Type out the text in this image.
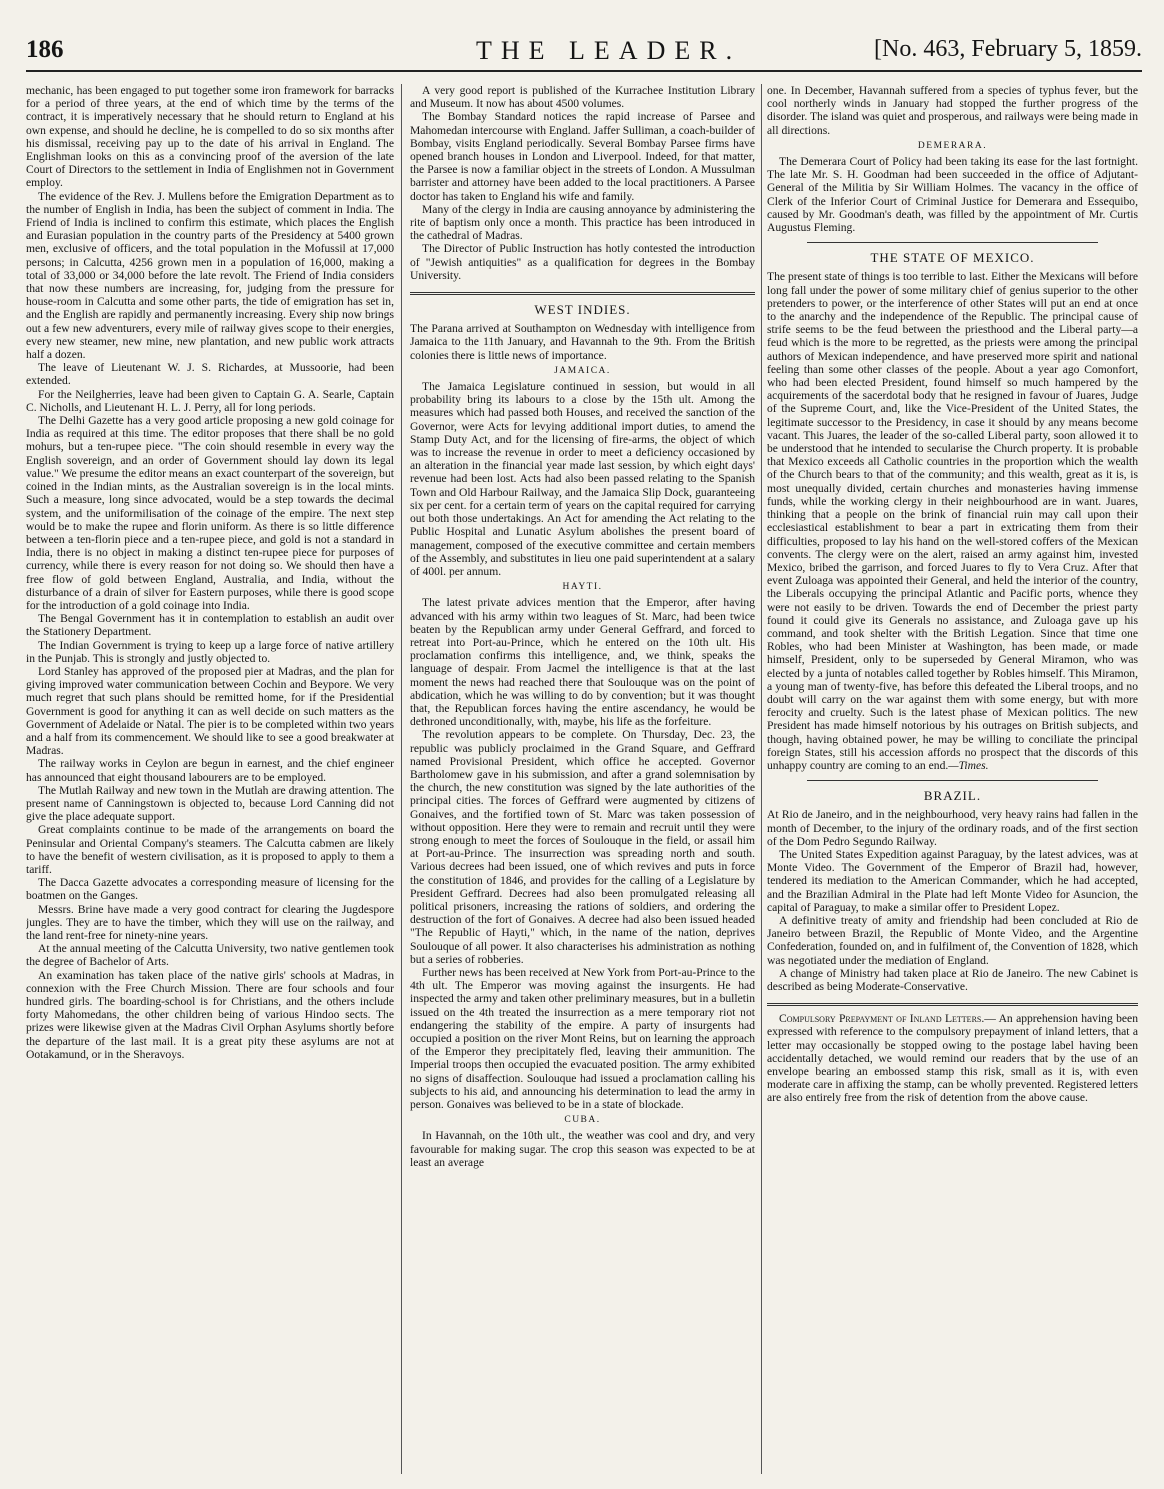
186	THE LEADER.	[No. 463, February 5, 1859.

mechanic, has been engaged to put together some iron framework for barracks for a period of three years, at the end of which time by the terms of the contract, it is imperatively necessary that he should return to England at his own expense, and should he decline, he is compelled to do so six months after his dismissal, receiving pay up to the date of his arrival in England. The Englishman looks on this as a convincing proof of the aversion of the late Court of Directors to the settlement in India of Englishmen not in Government employ.

The evidence of the Rev. J. Mullens before the Emigration Department as to the number of English in India, has been the subject of comment in India. The Friend of India is inclined to confirm this estimate, which places the English and Eurasian population in the country parts of the Presidency at 5400 grown men, exclusive of officers, and the total population in the Mofussil at 17,000 persons; in Calcutta, 4256 grown men in a population of 16,000, making a total of 33,000 or 34,000 before the late revolt. The Friend of India considers that now these numbers are increasing, for, judging from the pressure for house-room in Calcutta and some other parts, the tide of emigration has set in, and the English are rapidly and permanently increasing. Every ship now brings out a few new adventurers, every mile of railway gives scope to their energies, every new steamer, new mine, new plantation, and new public work attracts half a dozen.

The leave of Lieutenant W. J. S. Richardes, at Mussoorie, had been extended.

For the Neilgherries, leave had been given to Captain G. A. Searle, Captain C. Nicholls, and Lieutenant H. L. J. Perry, all for long periods.

The Delhi Gazette has a very good article proposing a new gold coinage for India as required at this time. The editor proposes that there shall be no gold mohurs, but a ten-rupee piece. "The coin should resemble in every way the English sovereign, and an order of Government should lay down its legal value." We presume the editor means an exact counterpart of the sovereign, but coined in the Indian mints, as the Australian sovereign is in the local mints. Such a measure, long since advocated, would be a step towards the decimal system, and the uniformilisation of the coinage of the empire. The next step would be to make the rupee and florin uniform. As there is so little difference between a ten-florin piece and a ten-rupee piece, and gold is not a standard in India, there is no object in making a distinct ten-rupee piece for purposes of currency, while there is every reason for not doing so. We should then have a free flow of gold between England, Australia, and India, without the disturbance of a drain of silver for Eastern purposes, while there is good scope for the introduction of a gold coinage into India.

The Bengal Government has it in contemplation to establish an audit over the Stationery Department.

The Indian Government is trying to keep up a large force of native artillery in the Punjab. This is strongly and justly objected to.

Lord Stanley has approved of the proposed pier at Madras, and the plan for giving improved water communication between Cochin and Beypore. We very much regret that such plans should be remitted home, for if the Presidential Government is good for anything it can as well decide on such matters as the Government of Adelaide or Natal. The pier is to be completed within two years and a half from its commencement. We should like to see a good breakwater at Madras.

The railway works in Ceylon are begun in earnest, and the chief engineer has announced that eight thousand labourers are to be employed.

The Mutlah Railway and new town in the Mutlah are drawing attention. The present name of Canningstown is objected to, because Lord Canning did not give the place adequate support.

Great complaints continue to be made of the arrangements on board the Peninsular and Oriental Company's steamers. The Calcutta cabmen are likely to have the benefit of western civilisation, as it is proposed to apply to them a tariff.

The Dacca Gazette advocates a corresponding measure of licensing for the boatmen on the Ganges.

Messrs. Brine have made a very good contract for clearing the Jugdespore jungles. They are to have the timber, which they will use on the railway, and the land rent-free for ninety-nine years.

At the annual meeting of the Calcutta University, two native gentlemen took the degree of Bachelor of Arts.

An examination has taken place of the native girls' schools at Madras, in connexion with the Free Church Mission. There are four schools and four hundred girls. The boarding-school is for Christians, and the others include forty Mahomedans, the other children being of various Hindoo sects. The prizes were likewise given at the Madras Civil Orphan Asylums shortly before the departure of the last mail. It is a great pity these asylums are not at Ootakamund, or in the Sheravoys.

A very good report is published of the Kurrachee Institution Library and Museum. It now has about 4500 volumes.

The Bombay Standard notices the rapid increase of Parsee and Mahomedan intercourse with England. Jaffer Sulliman, a coach-builder of Bombay, visits England periodically. Several Bombay Parsee firms have opened branch houses in London and Liverpool. Indeed, for that matter, the Parsee is now a familiar object in the streets of London. A Mussulman barrister and attorney have been added to the local practitioners. A Parsee doctor has taken to England his wife and family.

Many of the clergy in India are causing annoyance by administering the rite of baptism only once a month. This practice has been introduced in the cathedral of Madras.

The Director of Public Instruction has hotly contested the introduction of "Jewish antiquities" as a qualification for degrees in the Bombay University.

WEST INDIES.

The Parana arrived at Southampton on Wednesday with intelligence from Jamaica to the 11th January, and Havannah to the 9th. From the British colonies there is little news of importance.

JAMAICA.

The Jamaica Legislature continued in session, but would in all probability bring its labours to a close by the 15th ult. Among the measures which had passed both Houses, and received the sanction of the Governor, were Acts for levying additional import duties, to amend the Stamp Duty Act, and for the licensing of fire-arms, the object of which was to increase the revenue in order to meet a deficiency occasioned by an alteration in the financial year made last session, by which eight days' revenue had been lost. Acts had also been passed relating to the Spanish Town and Old Harbour Railway, and the Jamaica Slip Dock, guaranteeing six per cent. for a certain term of years on the capital required for carrying out both those undertakings. An Act for amending the Act relating to the Public Hospital and Lunatic Asylum abolishes the present board of management, composed of the executive committee and certain members of the Assembly, and substitutes in lieu one paid superintendent at a salary of 400l. per annum.

HAYTI.

The latest private advices mention that the Emperor, after having advanced with his army within two leagues of St. Marc, had been twice beaten by the Republican army under General Geffrard, and forced to retreat into Port-au-Prince, which he entered on the 10th ult. His proclamation confirms this intelligence, and, we think, speaks the language of despair. From Jacmel the intelligence is that at the last moment the news had reached there that Soulouque was on the point of abdication, which he was willing to do by convention; but it was thought that, the Republican forces having the entire ascendancy, he would be dethroned unconditionally, with, maybe, his life as the forfeiture.

The revolution appears to be complete. On Thursday, Dec. 23, the republic was publicly proclaimed in the Grand Square, and Geffrard named Provisional President, which office he accepted. Governor Bartholomew gave in his submission, and after a grand solemnisation by the church, the new constitution was signed by the late authorities of the principal cities. The forces of Geffrard were augmented by citizens of Gonaives, and the fortified town of St. Marc was taken possession of without opposition. Here they were to remain and recruit until they were strong enough to meet the forces of Soulouque in the field, or assail him at Port-au-Prince. The insurrection was spreading north and south. Various decrees had been issued, one of which revives and puts in force the constitution of 1846, and provides for the calling of a Legislature by President Geffrard. Decrees had also been promulgated releasing all political prisoners, increasing the rations of soldiers, and ordering the destruction of the fort of Gonaives. A decree had also been issued headed "The Republic of Hayti," which, in the name of the nation, deprives Soulouque of all power. It also characterises his administration as nothing but a series of robberies.

Further news has been received at New York from Port-au-Prince to the 4th ult. The Emperor was moving against the insurgents. He had inspected the army and taken other preliminary measures, but in a bulletin issued on the 4th treated the insurrection as a mere temporary riot not endangering the stability of the empire. A party of insurgents had occupied a position on the river Mont Reins, but on learning the approach of the Emperor they precipitately fled, leaving their ammunition. The Imperial troops then occupied the evacuated position. The army exhibited no signs of disaffection. Soulouque had issued a proclamation calling his subjects to his aid, and announcing his determination to lead the army in person. Gonaives was believed to be in a state of blockade.

CUBA.

In Havannah, on the 10th ult., the weather was cool and dry, and very favourable for making sugar. The crop this season was expected to be at least an average

one. In December, Havannah suffered from a species of typhus fever, but the cool northerly winds in January had stopped the further progress of the disorder. The island was quiet and prosperous, and railways were being made in all directions.

DEMERARA.

The Demerara Court of Policy had been taking its ease for the last fortnight. The late Mr. S. H. Goodman had been succeeded in the office of Adjutant-General of the Militia by Sir William Holmes. The vacancy in the office of Clerk of the Inferior Court of Criminal Justice for Demerara and Essequibo, caused by Mr. Goodman's death, was filled by the appointment of Mr. Curtis Augustus Fleming.

THE STATE OF MEXICO.

The present state of things is too terrible to last. Either the Mexicans will before long fall under the power of some military chief of genius superior to the other pretenders to power, or the interference of other States will put an end at once to the anarchy and the independence of the Republic. The principal cause of strife seems to be the feud between the priesthood and the Liberal party—a feud which is the more to be regretted, as the priests were among the principal authors of Mexican independence, and have preserved more spirit and national feeling than some other classes of the people. About a year ago Comonfort, who had been elected President, found himself so much hampered by the acquirements of the sacerdotal body that he resigned in favour of Juares, Judge of the Supreme Court, and, like the Vice-President of the United States, the legitimate successor to the Presidency, in case it should by any means become vacant. This Juares, the leader of the so-called Liberal party, soon allowed it to be understood that he intended to secularise the Church property. It is probable that Mexico exceeds all Catholic countries in the proportion which the wealth of the Church bears to that of the community; and this wealth, great as it is, is most unequally divided, certain churches and monasteries having immense funds, while the working clergy in their neighbourhood are in want. Juares, thinking that a people on the brink of financial ruin may call upon their ecclesiastical establishment to bear a part in extricating them from their difficulties, proposed to lay his hand on the well-stored coffers of the Mexican convents. The clergy were on the alert, raised an army against him, invested Mexico, bribed the garrison, and forced Juares to fly to Vera Cruz. After that event Zuloaga was appointed their General, and held the interior of the country, the Liberals occupying the principal Atlantic and Pacific ports, whence they were not easily to be driven. Towards the end of December the priest party found it could give its Generals no assistance, and Zuloaga gave up his command, and took shelter with the British Legation. Since that time one Robles, who had been Minister at Washington, has been made, or made himself, President, only to be superseded by General Miramon, who was elected by a junta of notables called together by Robles himself. This Miramon, a young man of twenty-five, has before this defeated the Liberal troops, and no doubt will carry on the war against them with some energy, but with more ferocity and cruelty. Such is the latest phase of Mexican politics. The new President has made himself notorious by his outrages on British subjects, and though, having obtained power, he may be willing to conciliate the principal foreign States, still his accession affords no prospect that the discords of this unhappy country are coming to an end.—Times.

BRAZIL.

At Rio de Janeiro, and in the neighbourhood, very heavy rains had fallen in the month of December, to the injury of the ordinary roads, and of the first section of the Dom Pedro Segundo Railway.

The United States Expedition against Paraguay, by the latest advices, was at Monte Video. The Government of the Emperor of Brazil had, however, tendered its mediation to the American Commander, which he had accepted, and the Brazilian Admiral in the Plate had left Monte Video for Asuncion, the capital of Paraguay, to make a similar offer to President Lopez.

A definitive treaty of amity and friendship had been concluded at Rio de Janeiro between Brazil, the Republic of Monte Video, and the Argentine Confederation, founded on, and in fulfilment of, the Convention of 1828, which was negotiated under the mediation of England.

A change of Ministry had taken place at Rio de Janeiro. The new Cabinet is described as being Moderate-Conservative.

Compulsory Prepayment of Inland Letters.— An apprehension having been expressed with reference to the compulsory prepayment of inland letters, that a letter may occasionally be stopped owing to the postage label having been accidentally detached, we would remind our readers that by the use of an envelope bearing an embossed stamp this risk, small as it is, with even moderate care in affixing the stamp, can be wholly prevented. Registered letters are also entirely free from the risk of detention from the above cause.
